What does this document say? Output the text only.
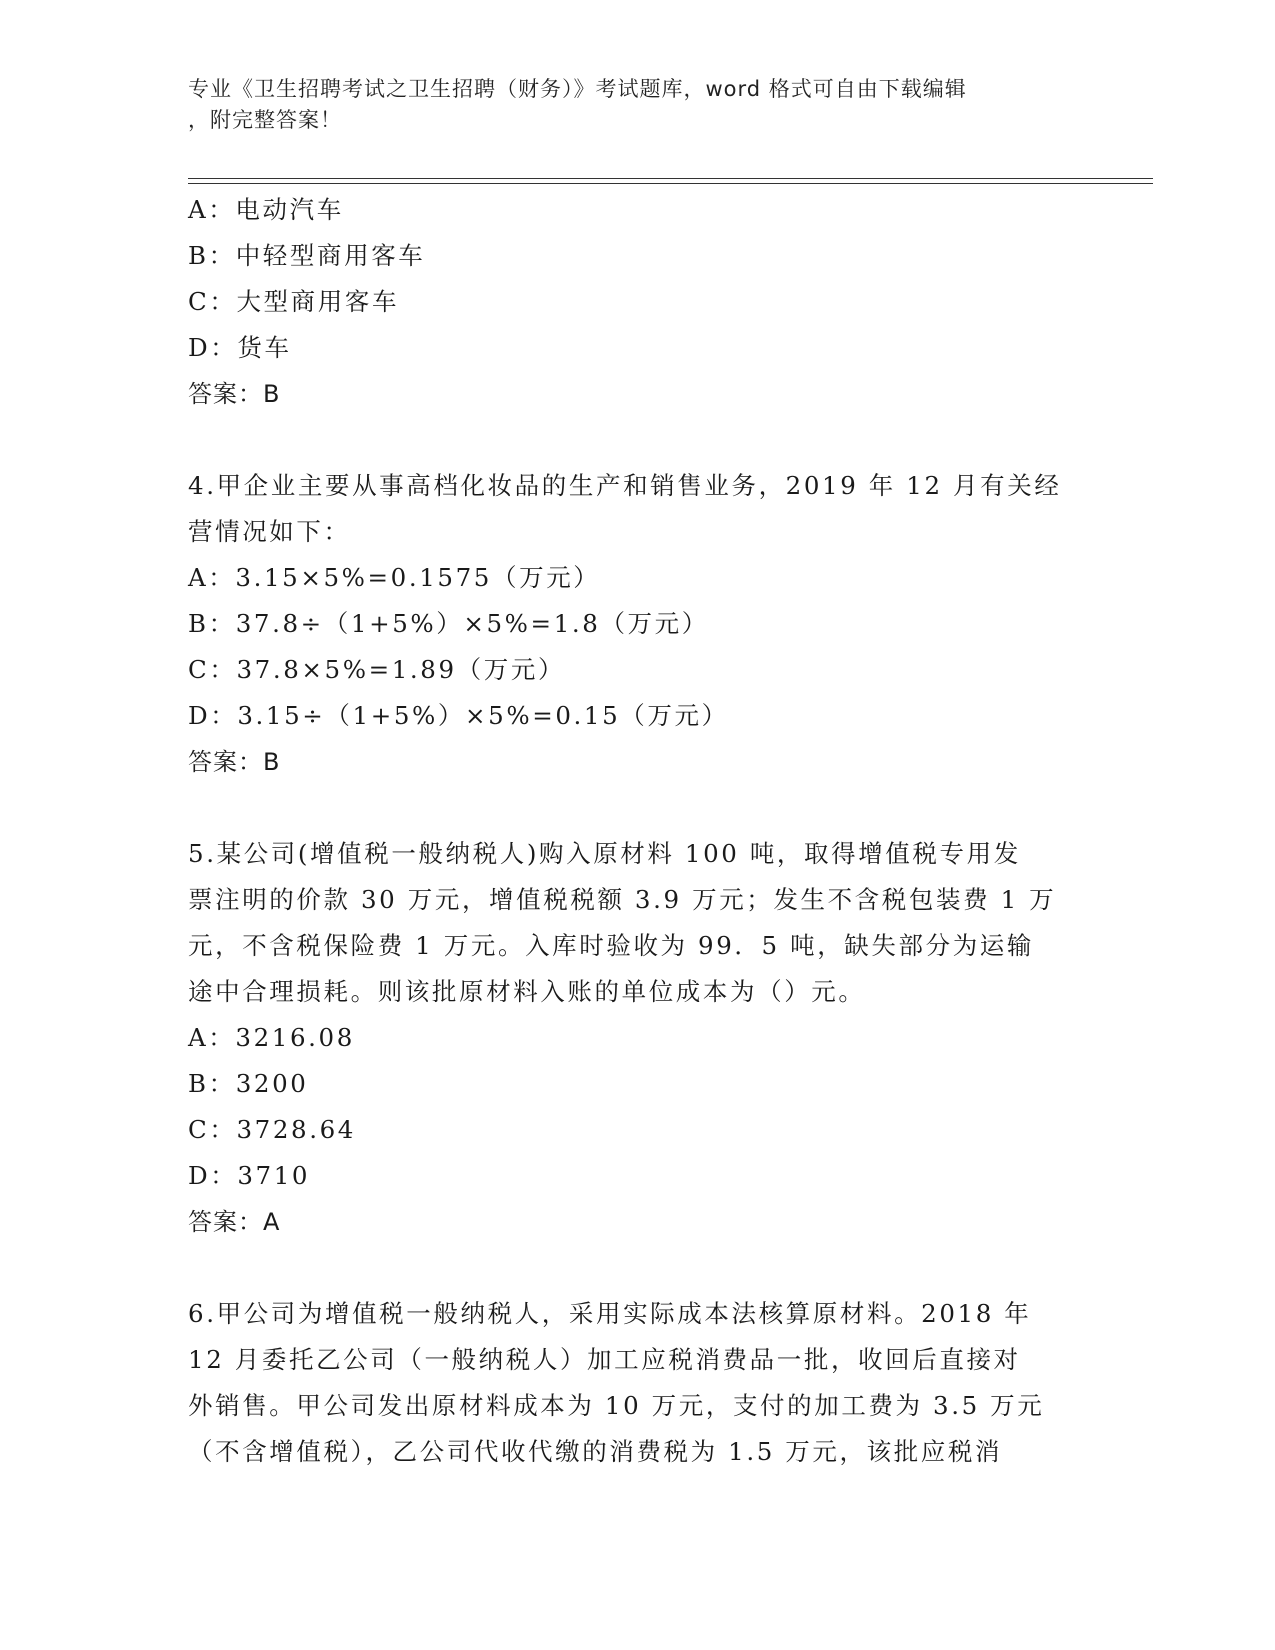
专业《卫生招聘考试之卫生招聘（财务）》考试题库，word 格式可自由下载编辑
，附完整答案！
A：电动汽车
B：中轻型商用客车
C：大型商用客车
D：货车
答案：B
4.甲企业主要从事高档化妆品的生产和销售业务，2019 年 12 月有关经
营情况如下：
A：3.15×5%=0.1575（万元）
B：37.8÷（1+5%）×5%=1.8（万元）
C：37.8×5%=1.89（万元）
D：3.15÷（1+5%）×5%=0.15（万元）
答案：B
5.某公司(增值税一般纳税人)购入原材料 100 吨，取得增值税专用发
票注明的价款 30 万元，增值税税额 3.9 万元；发生不含税包装费 1 万
元，不含税保险费 1 万元。入库时验收为 99．5 吨，缺失部分为运输
途中合理损耗。则该批原材料入账的单位成本为（）元。
A：3216.08
B：3200
C：3728.64
D：3710
答案：A
6.甲公司为增值税一般纳税人，采用实际成本法核算原材料。2018 年
12 月委托乙公司（一般纳税人）加工应税消费品一批，收回后直接对
外销售。甲公司发出原材料成本为 10 万元，支付的加工费为 3.5 万元
（不含增值税），乙公司代收代缴的消费税为 1.5 万元，该批应税消
